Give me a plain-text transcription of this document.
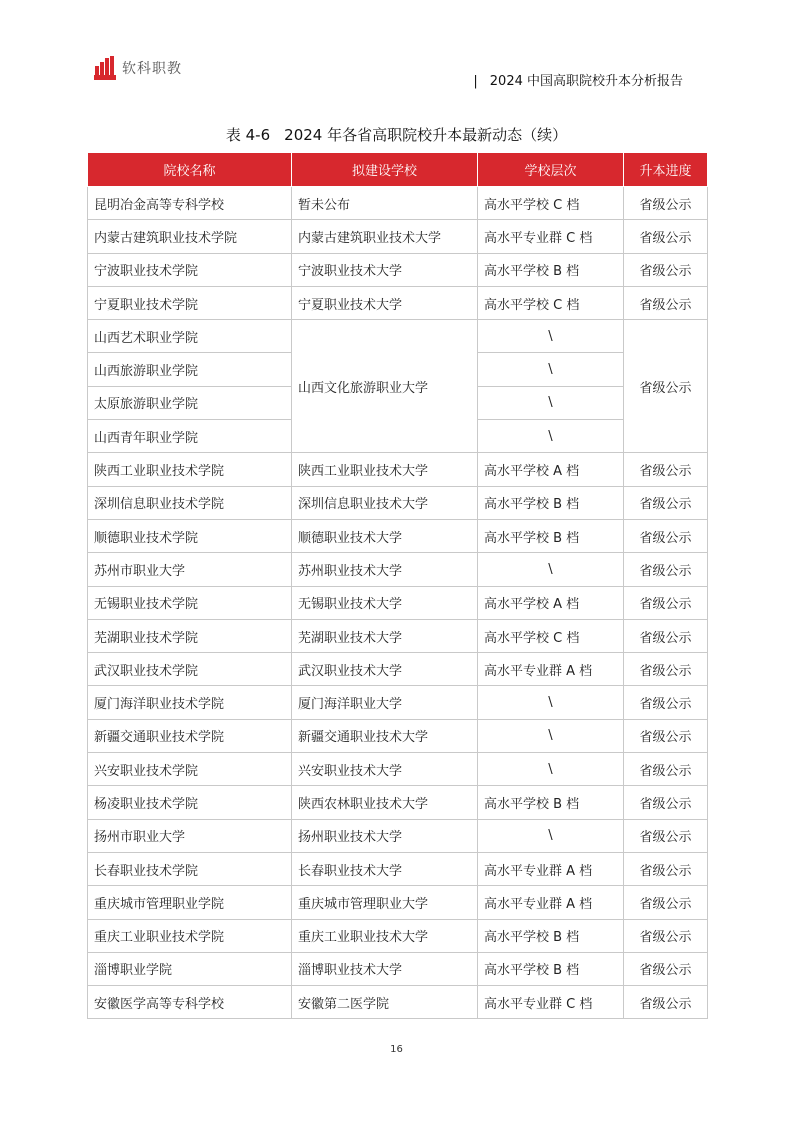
软科职教
| 2024 中国高职院校升本分析报告
表 4-6 2024 年各省高职院校升本最新动态（续）
院校名称	拟建设学校	学校层次	升本进度
昆明冶金高等专科学校	暂未公布	高水平学校 C 档	省级公示
内蒙古建筑职业技术学院	内蒙古建筑职业技术大学	高水平专业群 C 档	省级公示
宁波职业技术学院	宁波职业技术大学	高水平学校 B 档	省级公示
宁夏职业技术学院	宁夏职业技术大学	高水平学校 C 档	省级公示
山西艺术职业学院	山西文化旅游职业大学	\	省级公示
山西旅游职业学院		\	
太原旅游职业学院		\	
山西青年职业学院		\	
陕西工业职业技术学院	陕西工业职业技术大学	高水平学校 A 档	省级公示
深圳信息职业技术学院	深圳信息职业技术大学	高水平学校 B 档	省级公示
顺德职业技术学院	顺德职业技术大学	高水平学校 B 档	省级公示
苏州市职业大学	苏州职业技术大学	\	省级公示
无锡职业技术学院	无锡职业技术大学	高水平学校 A 档	省级公示
芜湖职业技术学院	芜湖职业技术大学	高水平学校 C 档	省级公示
武汉职业技术学院	武汉职业技术大学	高水平专业群 A 档	省级公示
厦门海洋职业技术学院	厦门海洋职业大学	\	省级公示
新疆交通职业技术学院	新疆交通职业技术大学	\	省级公示
兴安职业技术学院	兴安职业技术大学	\	省级公示
杨凌职业技术学院	陕西农林职业技术大学	高水平学校 B 档	省级公示
扬州市职业大学	扬州职业技术大学	\	省级公示
长春职业技术学院	长春职业技术大学	高水平专业群 A 档	省级公示
重庆城市管理职业学院	重庆城市管理职业大学	高水平专业群 A 档	省级公示
重庆工业职业技术学院	重庆工业职业技术大学	高水平学校 B 档	省级公示
淄博职业学院	淄博职业技术大学	高水平学校 B 档	省级公示
安徽医学高等专科学校	安徽第二医学院	高水平专业群 C 档	省级公示
16
